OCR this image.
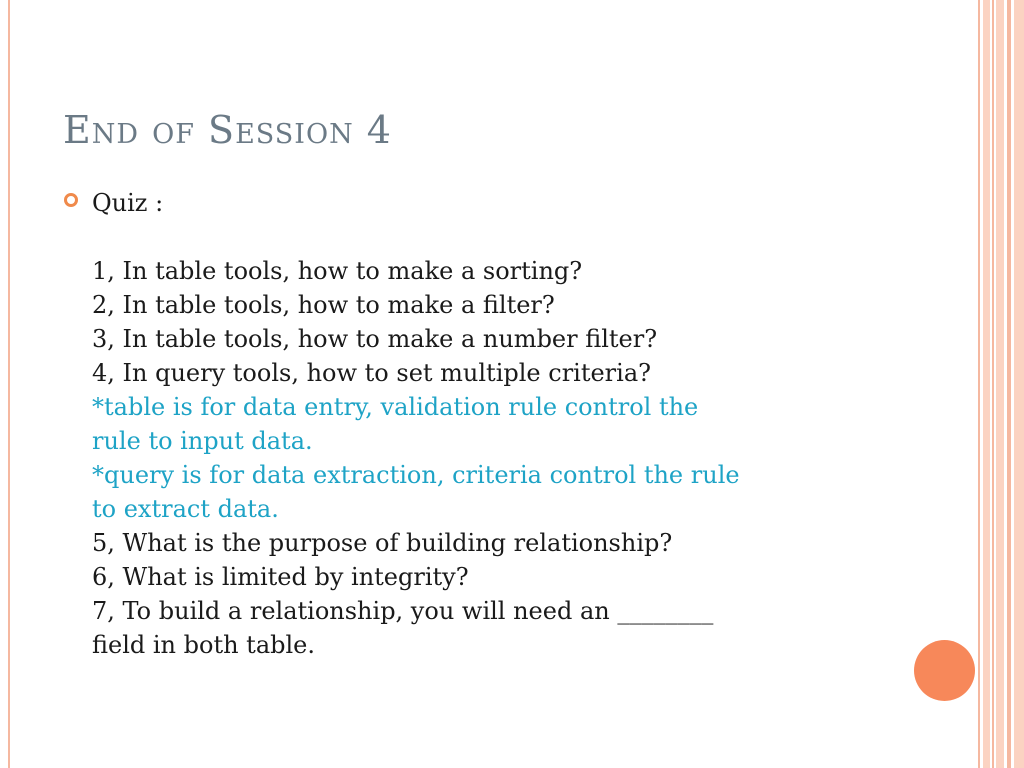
End of Session 4
Quiz :
1, In table tools, how to make a sorting?
2, In table tools, how to make a filter?
3, In table tools, how to make a number filter?
4, In query tools, how to set multiple criteria?
*table is for data entry, validation rule control the
rule to input data.
*query is for data extraction, criteria control the rule
to extract data.
5, What is the purpose of building relationship?
6, What is limited by integrity?
7, To build a relationship, you will need an ________
field in both table.
